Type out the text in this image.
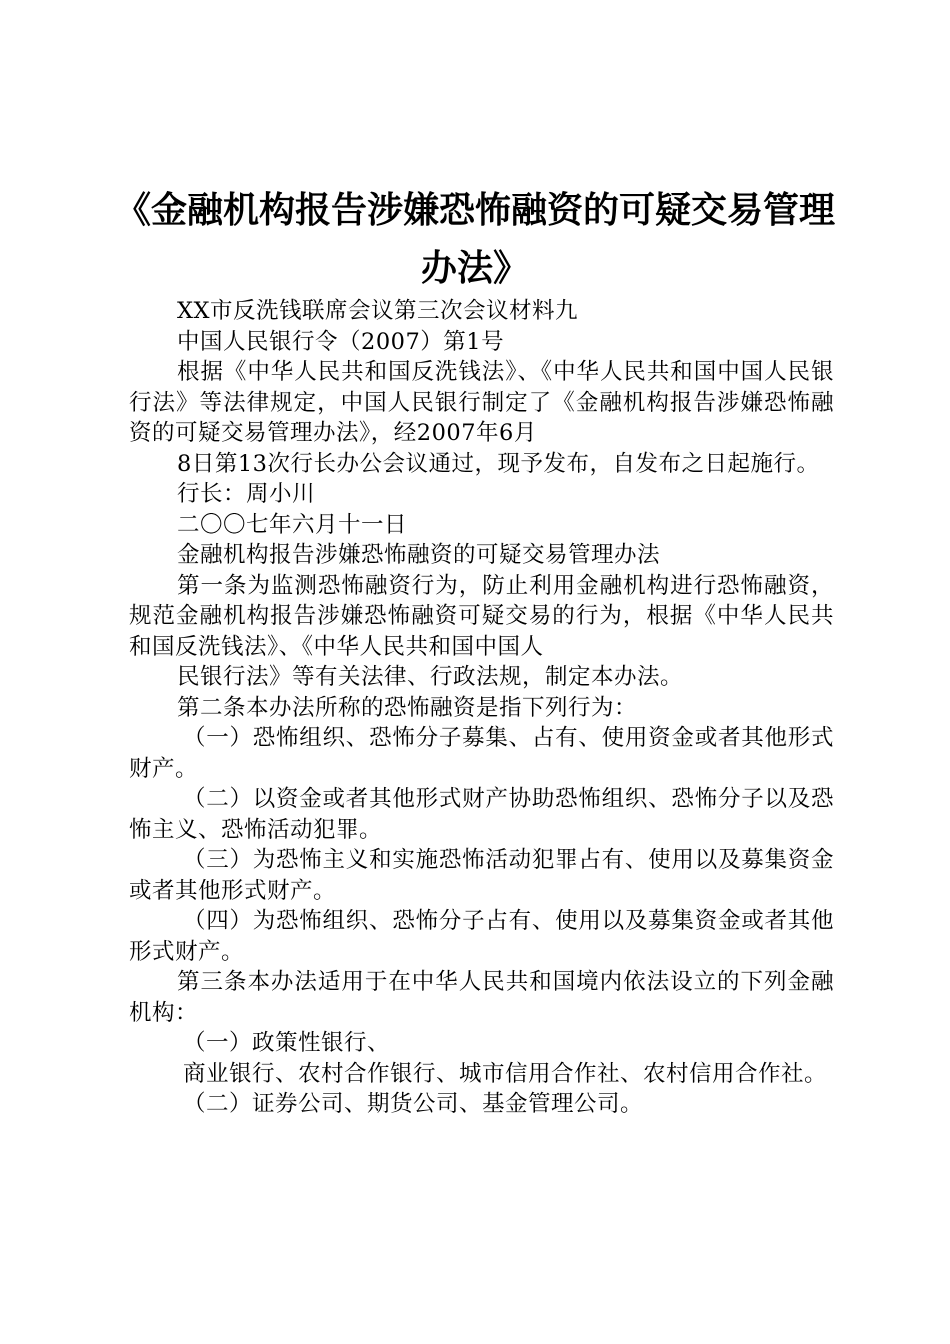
《金融机构报告涉嫌恐怖融资的可疑交易管理
办法》

XX市反洗钱联席会议第三次会议材料九

中国人民银行令（2007）第1号

根据《中华人民共和国反洗钱法》、《中华人民共和国中国人民银行法》等法律规定，中国人民银行制定了《金融机构报告涉嫌恐怖融资的可疑交易管理办法》，经2007年6月

8日第13次行长办公会议通过，现予发布，自发布之日起施行。

行长：周小川

二〇〇七年六月十一日

金融机构报告涉嫌恐怖融资的可疑交易管理办法

第一条为监测恐怖融资行为，防止利用金融机构进行恐怖融资，规范金融机构报告涉嫌恐怖融资可疑交易的行为，根据《中华人民共和国反洗钱法》、《中华人民共和国中国人

民银行法》等有关法律、行政法规，制定本办法。

第二条本办法所称的恐怖融资是指下列行为：

（一）恐怖组织、恐怖分子募集、占有、使用资金或者其他形式财产。

（二）以资金或者其他形式财产协助恐怖组织、恐怖分子以及恐怖主义、恐怖活动犯罪。

（三）为恐怖主义和实施恐怖活动犯罪占有、使用以及募集资金或者其他形式财产。

（四）为恐怖组织、恐怖分子占有、使用以及募集资金或者其他形式财产。

第三条本办法适用于在中华人民共和国境内依法设立的下列金融机构：

（一）政策性银行、

商业银行、农村合作银行、城市信用合作社、农村信用合作社。

（二）证券公司、期货公司、基金管理公司。
